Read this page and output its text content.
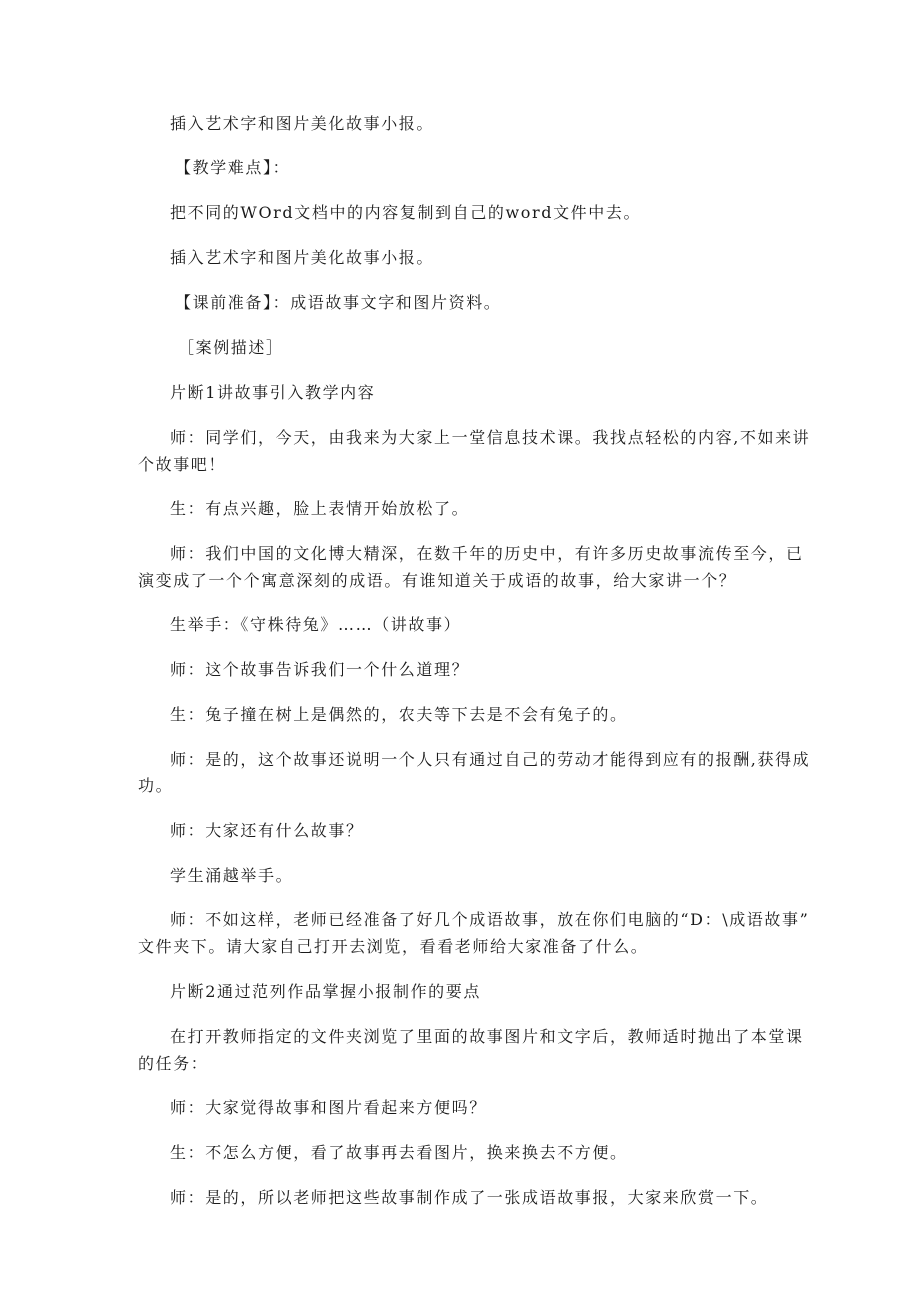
插入艺术字和图片美化故事小报。
【教学难点】：
把不同的WOrd文档中的内容复制到自己的word文件中去。
插入艺术字和图片美化故事小报。
【课前准备】：成语故事文字和图片资料。
［案例描述］
片断1讲故事引入教学内容
师：同学们，今天，由我来为大家上一堂信息技术课。我找点轻松的内容,不如来讲
个故事吧！
生：有点兴趣，脸上表情开始放松了。
师：我们中国的文化博大精深，在数千年的历史中，有许多历史故事流传至今，已
演变成了一个个寓意深刻的成语。有谁知道关于成语的故事，给大家讲一个？
生举手：《守株待兔》……（讲故事）
师：这个故事告诉我们一个什么道理？
生：兔子撞在树上是偶然的，农夫等下去是不会有兔子的。
师：是的，这个故事还说明一个人只有通过自己的劳动才能得到应有的报酬,获得成
功。
师：大家还有什么故事？
学生涌越举手。
师：不如这样，老师已经准备了好几个成语故事，放在你们电脑的“D：\成语故事”
文件夹下。请大家自己打开去浏览，看看老师给大家准备了什么。
片断2通过范列作品掌握小报制作的要点
在打开教师指定的文件夹浏览了里面的故事图片和文字后，教师适时抛出了本堂课
的任务：
师：大家觉得故事和图片看起来方便吗？
生：不怎么方便，看了故事再去看图片，换来换去不方便。
师：是的，所以老师把这些故事制作成了一张成语故事报，大家来欣赏一下。
